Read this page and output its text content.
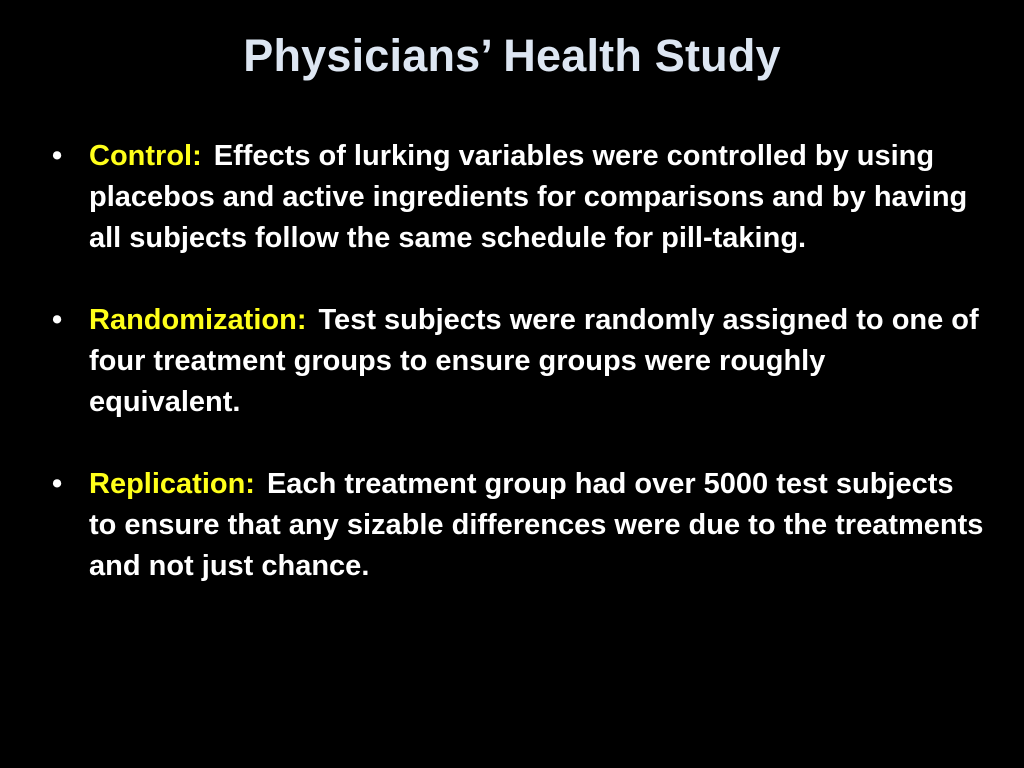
Physicians’ Health Study
• Control: Effects of lurking variables were controlled by using placebos and active ingredients for comparisons and by having all subjects follow the same schedule for pill-taking.
• Randomization: Test subjects were randomly assigned to one of four treatment groups to ensure groups were roughly equivalent.
• Replication: Each treatment group had over 5000 test subjects to ensure that any sizable differences were due to the treatments and not just chance.
